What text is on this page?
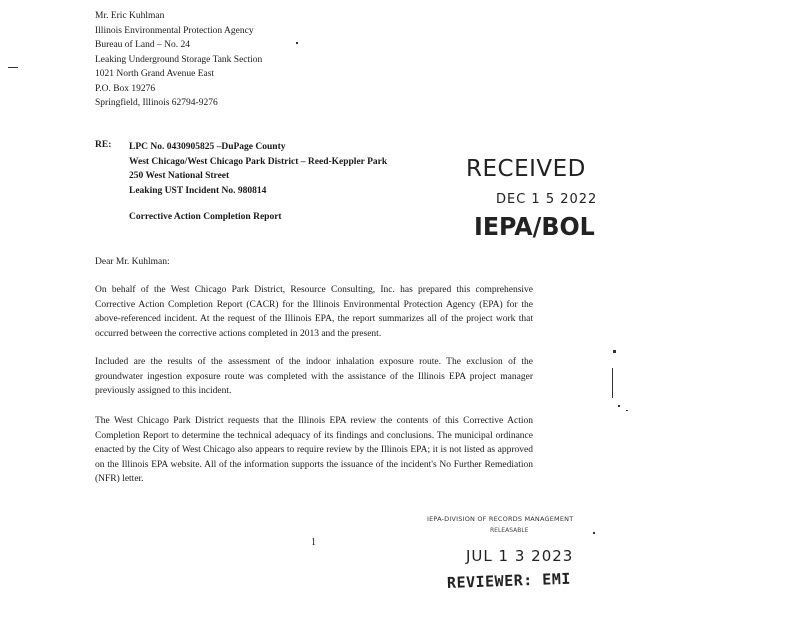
Mr. Eric Kuhlman
Illinois Environmental Protection Agency
Bureau of Land – No. 24
Leaking Underground Storage Tank Section
1021 North Grand Avenue East
P.O. Box 19276
Springfield, Illinois 62794-9276
RE: LPC No. 0430905825 –DuPage County
West Chicago/West Chicago Park District – Reed-Keppler Park
250 West National Street
Leaking UST Incident No. 980814
Corrective Action Completion Report
RECEIVED
DEC 1 5 2022
IEPA/BOL
Dear Mr. Kuhlman:
On behalf of the West Chicago Park District, Resource Consulting, Inc. has prepared this comprehensive Corrective Action Completion Report (CACR) for the Illinois Environmental Protection Agency (EPA) for the above-referenced incident. At the request of the Illinois EPA, the report summarizes all of the project work that occurred between the corrective actions completed in 2013 and the present.
Included are the results of the assessment of the indoor inhalation exposure route. The exclusion of the groundwater ingestion exposure route was completed with the assistance of the Illinois EPA project manager previously assigned to this incident.
The West Chicago Park District requests that the Illinois EPA review the contents of this Corrective Action Completion Report to determine the technical adequacy of its findings and conclusions. The municipal ordinance enacted by the City of West Chicago also appears to require review by the Illinois EPA; it is not listed as approved on the Illinois EPA website. All of the information supports the issuance of the incident's No Further Remediation (NFR) letter.
1
IEPA-DIVISION OF RECORDS MANAGEMENT
RELEASABLE
JUL 1 3 2023
REVIEWER: EMI
